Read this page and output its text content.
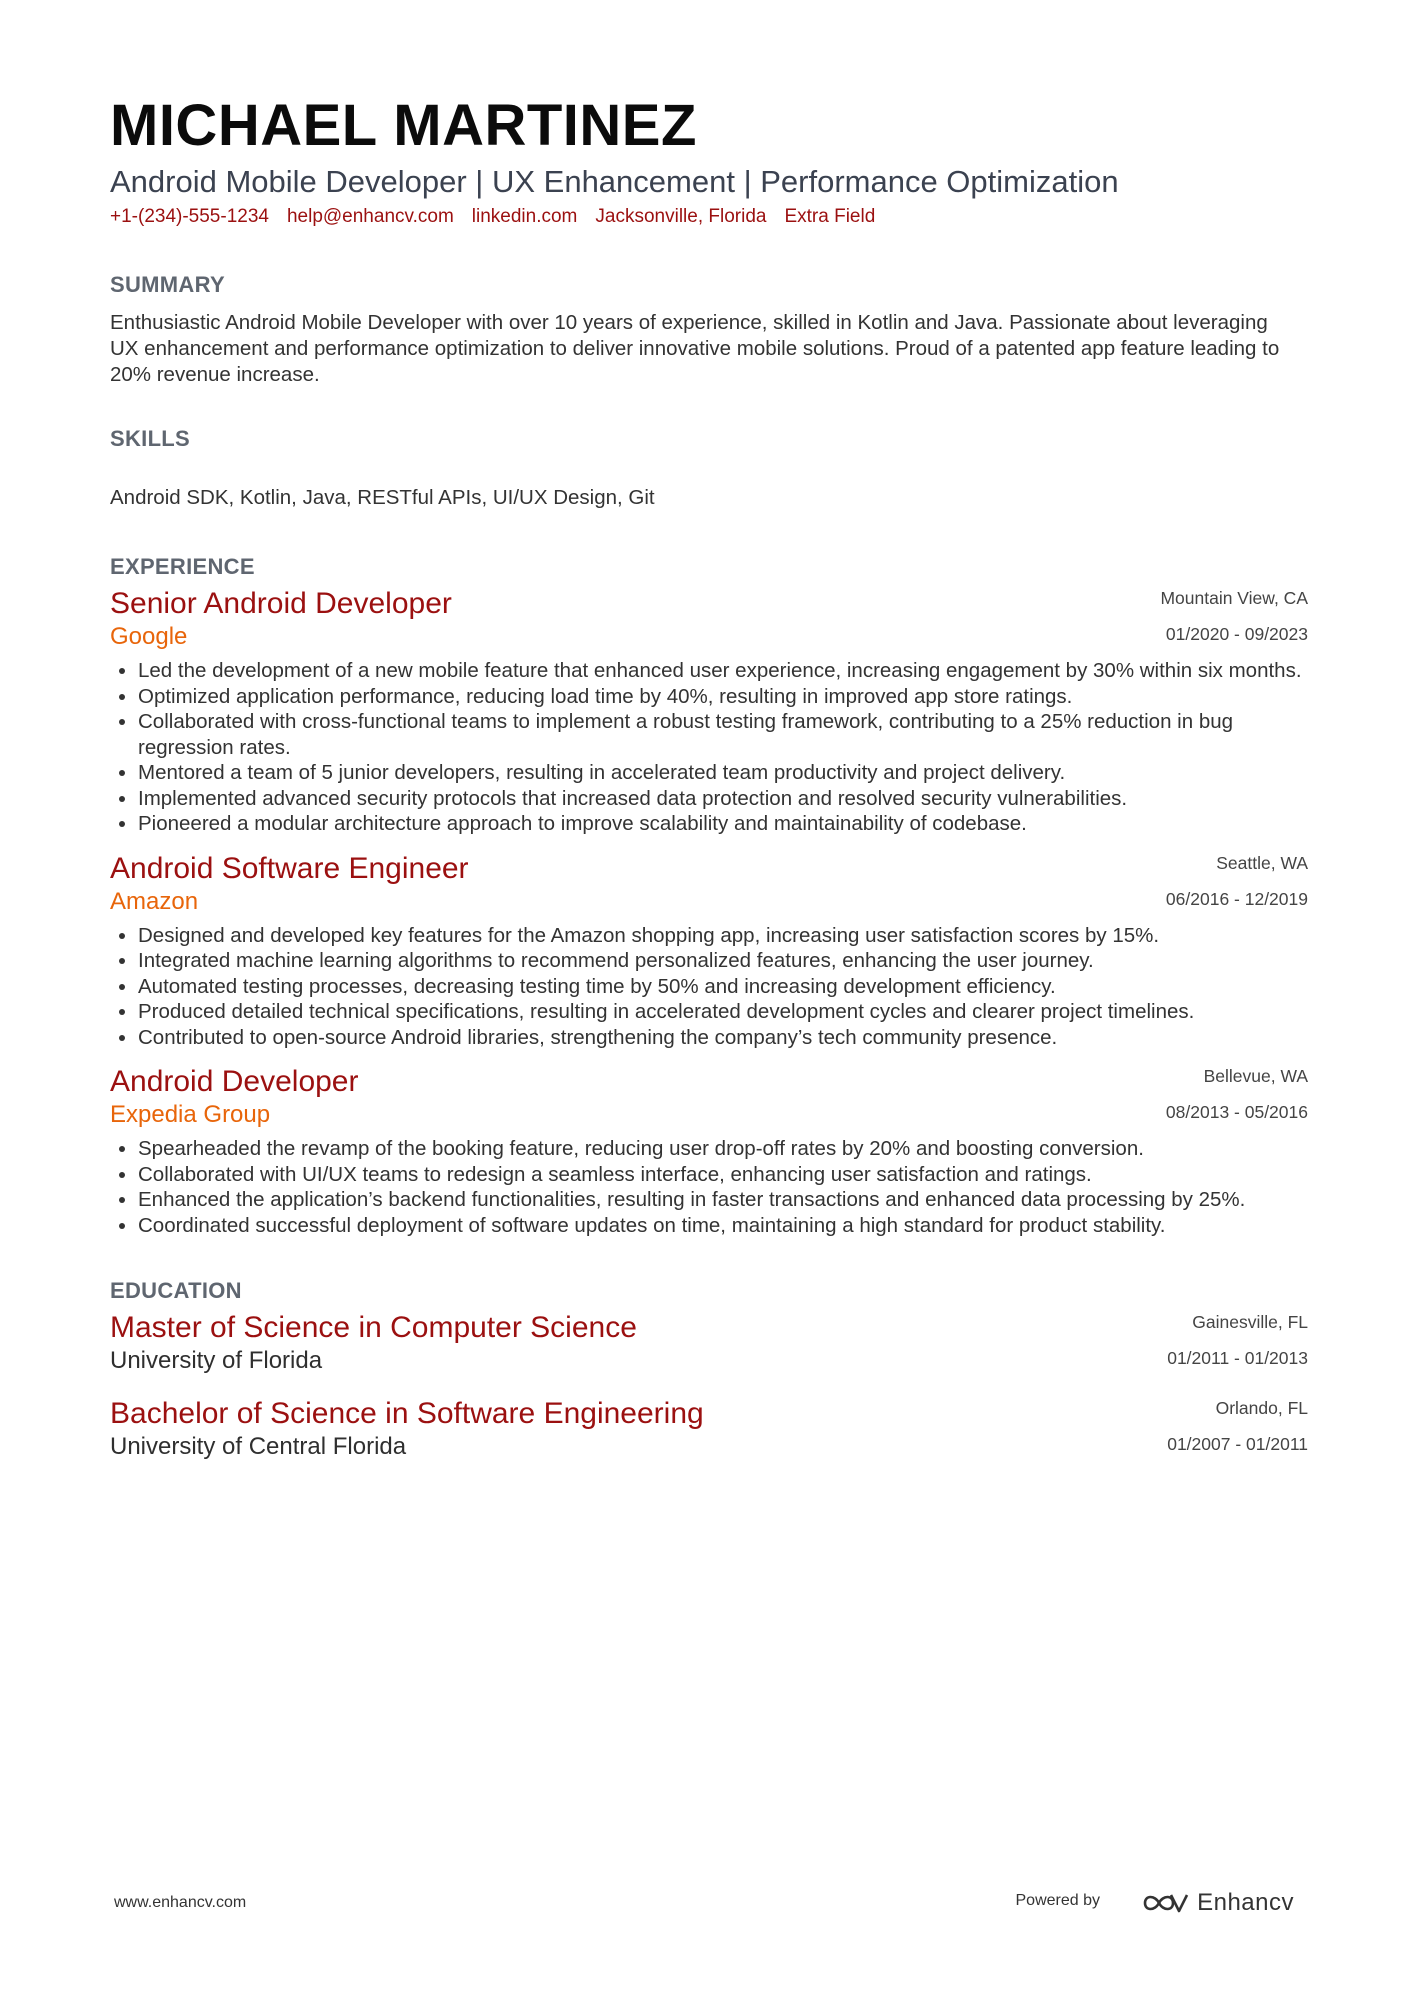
MICHAEL MARTINEZ
Android Mobile Developer | UX Enhancement | Performance Optimization
+1-(234)-555-1234 help@enhancv.com linkedin.com Jacksonville, Florida Extra Field
SUMMARY
Enthusiastic Android Mobile Developer with over 10 years of experience, skilled in Kotlin and Java. Passionate about leveraging UX enhancement and performance optimization to deliver innovative mobile solutions. Proud of a patented app feature leading to 20% revenue increase.
SKILLS
Android SDK, Kotlin, Java, RESTful APIs, UI/UX Design, Git
EXPERIENCE
Senior Android Developer
Google
Mountain View, CA
01/2020 - 09/2023
• Led the development of a new mobile feature that enhanced user experience, increasing engagement by 30% within six months.
• Optimized application performance, reducing load time by 40%, resulting in improved app store ratings.
• Collaborated with cross-functional teams to implement a robust testing framework, contributing to a 25% reduction in bug regression rates.
• Mentored a team of 5 junior developers, resulting in accelerated team productivity and project delivery.
• Implemented advanced security protocols that increased data protection and resolved security vulnerabilities.
• Pioneered a modular architecture approach to improve scalability and maintainability of codebase.
Android Software Engineer
Amazon
Seattle, WA
06/2016 - 12/2019
• Designed and developed key features for the Amazon shopping app, increasing user satisfaction scores by 15%.
• Integrated machine learning algorithms to recommend personalized features, enhancing the user journey.
• Automated testing processes, decreasing testing time by 50% and increasing development efficiency.
• Produced detailed technical specifications, resulting in accelerated development cycles and clearer project timelines.
• Contributed to open-source Android libraries, strengthening the company’s tech community presence.
Android Developer
Expedia Group
Bellevue, WA
08/2013 - 05/2016
• Spearheaded the revamp of the booking feature, reducing user drop-off rates by 20% and boosting conversion.
• Collaborated with UI/UX teams to redesign a seamless interface, enhancing user satisfaction and ratings.
• Enhanced the application’s backend functionalities, resulting in faster transactions and enhanced data processing by 25%.
• Coordinated successful deployment of software updates on time, maintaining a high standard for product stability.
EDUCATION
Master of Science in Computer Science
University of Florida
Gainesville, FL
01/2011 - 01/2013
Bachelor of Science in Software Engineering
University of Central Florida
Orlando, FL
01/2007 - 01/2011
www.enhancv.com	Powered by	Enhancv
